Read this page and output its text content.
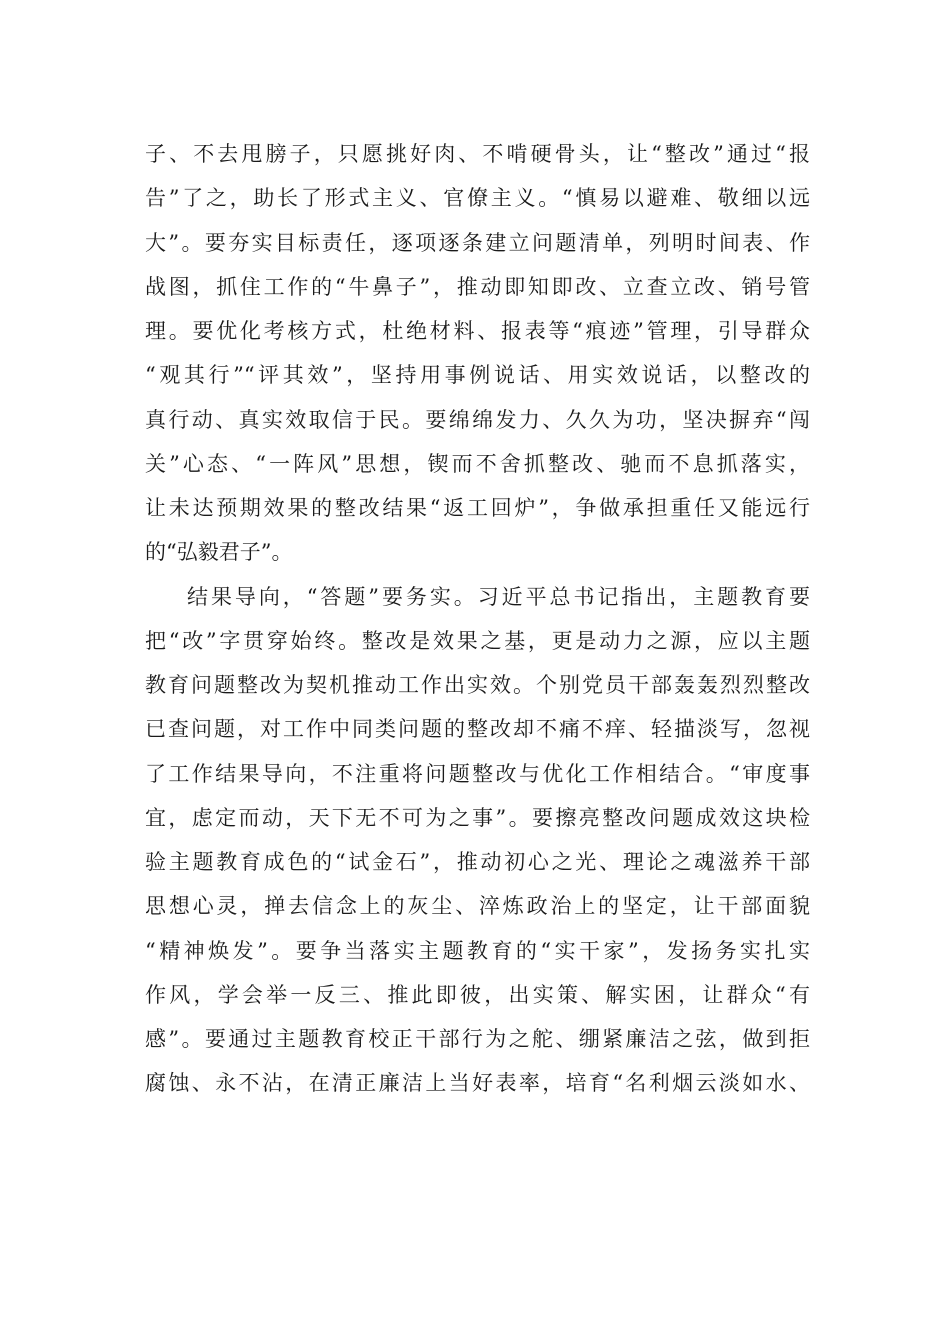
子、不去甩膀子，只愿挑好肉、不啃硬骨头，让“整改”通过“报
告”了之，助长了形式主义、官僚主义。“慎易以避难、敬细以远
大”。要夯实目标责任，逐项逐条建立问题清单，列明时间表、作
战图，抓住工作的“牛鼻子”，推动即知即改、立查立改、销号管
理。要优化考核方式，杜绝材料、报表等“痕迹”管理，引导群众
“观其行”“评其效”，坚持用事例说话、用实效说话，以整改的
真行动、真实效取信于民。要绵绵发力、久久为功，坚决摒弃“闯
关”心态、“一阵风”思想，锲而不舍抓整改、驰而不息抓落实，
让未达预期效果的整改结果“返工回炉”，争做承担重任又能远行
的“弘毅君子”。
结果导向，“答题”要务实。习近平总书记指出，主题教育要
把“改”字贯穿始终。整改是效果之基，更是动力之源，应以主题
教育问题整改为契机推动工作出实效。个别党员干部轰轰烈烈整改
已查问题，对工作中同类问题的整改却不痛不痒、轻描淡写，忽视
了工作结果导向，不注重将问题整改与优化工作相结合。“审度事
宜，虑定而动，天下无不可为之事”。要擦亮整改问题成效这块检
验主题教育成色的“试金石”，推动初心之光、理论之魂滋养干部
思想心灵，掸去信念上的灰尘、淬炼政治上的坚定，让干部面貌
“精神焕发”。要争当落实主题教育的“实干家”，发扬务实扎实
作风，学会举一反三、推此即彼，出实策、解实困，让群众“有
感”。要通过主题教育校正干部行为之舵、绷紧廉洁之弦，做到拒
腐蚀、永不沾，在清正廉洁上当好表率，培育“名利烟云淡如水、
